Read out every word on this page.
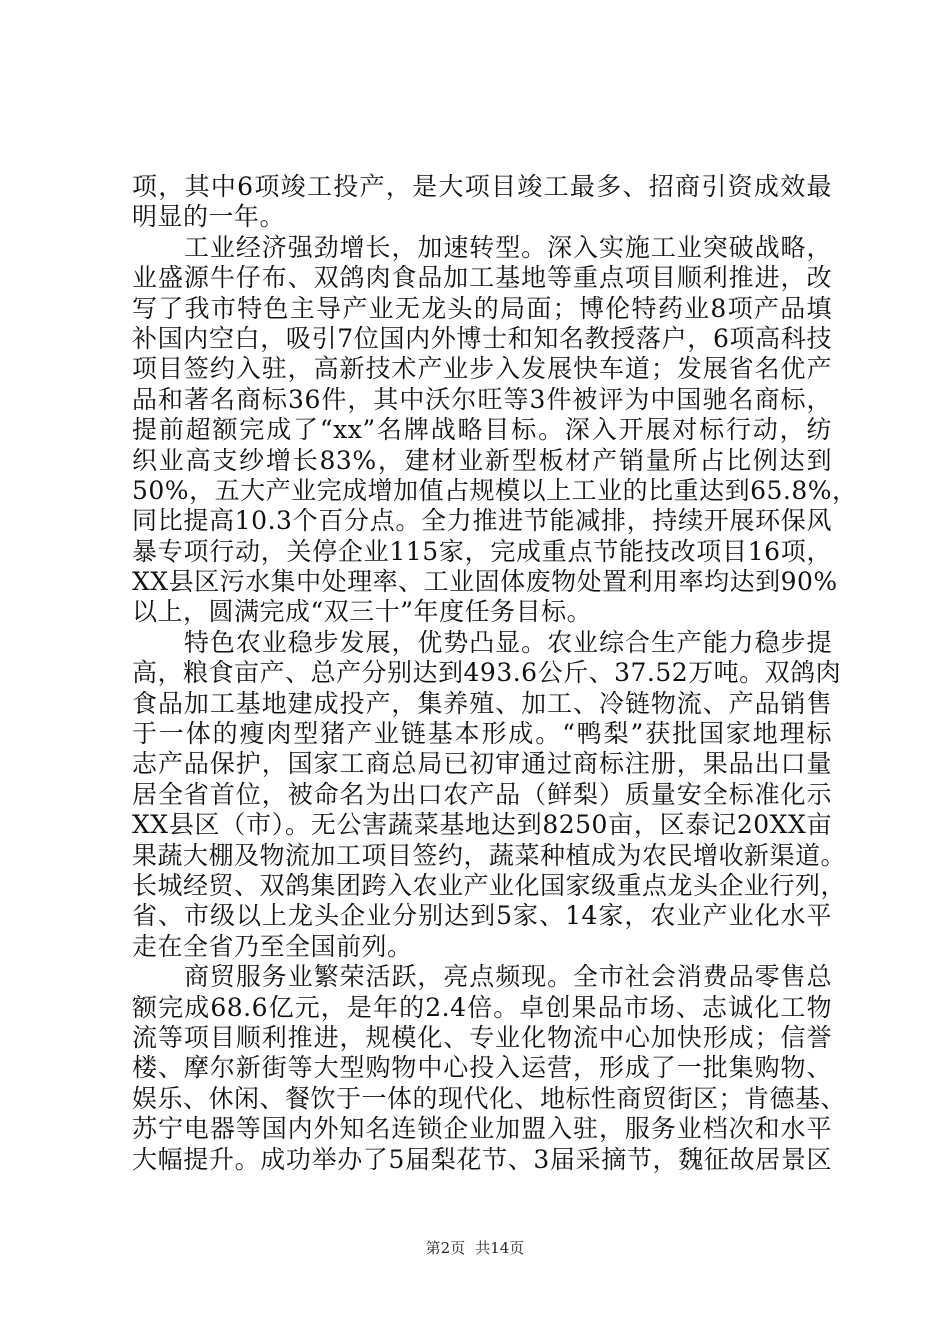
项，其中6项竣工投产，是大项目竣工最多、招商引资成效最
明显的一年。
工业经济强劲增长，加速转型。深入实施工业突破战略，
业盛源牛仔布、双鸽肉食品加工基地等重点项目顺利推进，改
写了我市特色主导产业无龙头的局面；博伦特药业8项产品填
补国内空白，吸引7位国内外博士和知名教授落户，6项高科技
项目签约入驻，高新技术产业步入发展快车道；发展省名优产
品和著名商标36件，其中沃尔旺等3件被评为中国驰名商标，
提前超额完成了“xx”名牌战略目标。深入开展对标行动，纺
织业高支纱增长83%，建材业新型板材产销量所占比例达到
50%，五大产业完成增加值占规模以上工业的比重达到65.8%，
同比提高10.3个百分点。全力推进节能减排，持续开展环保风
暴专项行动，关停企业115家，完成重点节能技改项目16项，
XX县区污水集中处理率、工业固体废物处置利用率均达到90%
以上，圆满完成“双三十”年度任务目标。
特色农业稳步发展，优势凸显。农业综合生产能力稳步提
高，粮食亩产、总产分别达到493.6公斤、37.52万吨。双鸽肉
食品加工基地建成投产，集养殖、加工、冷链物流、产品销售
于一体的瘦肉型猪产业链基本形成。“鸭梨”获批国家地理标
志产品保护，国家工商总局已初审通过商标注册，果品出口量
居全省首位，被命名为出口农产品（鲜梨）质量安全标准化示
XX县区（市）。无公害蔬菜基地达到8250亩，区泰记20XX亩
果蔬大棚及物流加工项目签约，蔬菜种植成为农民增收新渠道。
长城经贸、双鸽集团跨入农业产业化国家级重点龙头企业行列，
省、市级以上龙头企业分别达到5家、14家，农业产业化水平
走在全省乃至全国前列。
商贸服务业繁荣活跃，亮点频现。全市社会消费品零售总
额完成68.6亿元，是年的2.4倍。卓创果品市场、志诚化工物
流等项目顺利推进，规模化、专业化物流中心加快形成；信誉
楼、摩尔新街等大型购物中心投入运营，形成了一批集购物、
娱乐、休闲、餐饮于一体的现代化、地标性商贸街区；肯德基、
苏宁电器等国内外知名连锁企业加盟入驻，服务业档次和水平
大幅提升。成功举办了5届梨花节、3届采摘节，魏征故居景区
第2页 共14页
